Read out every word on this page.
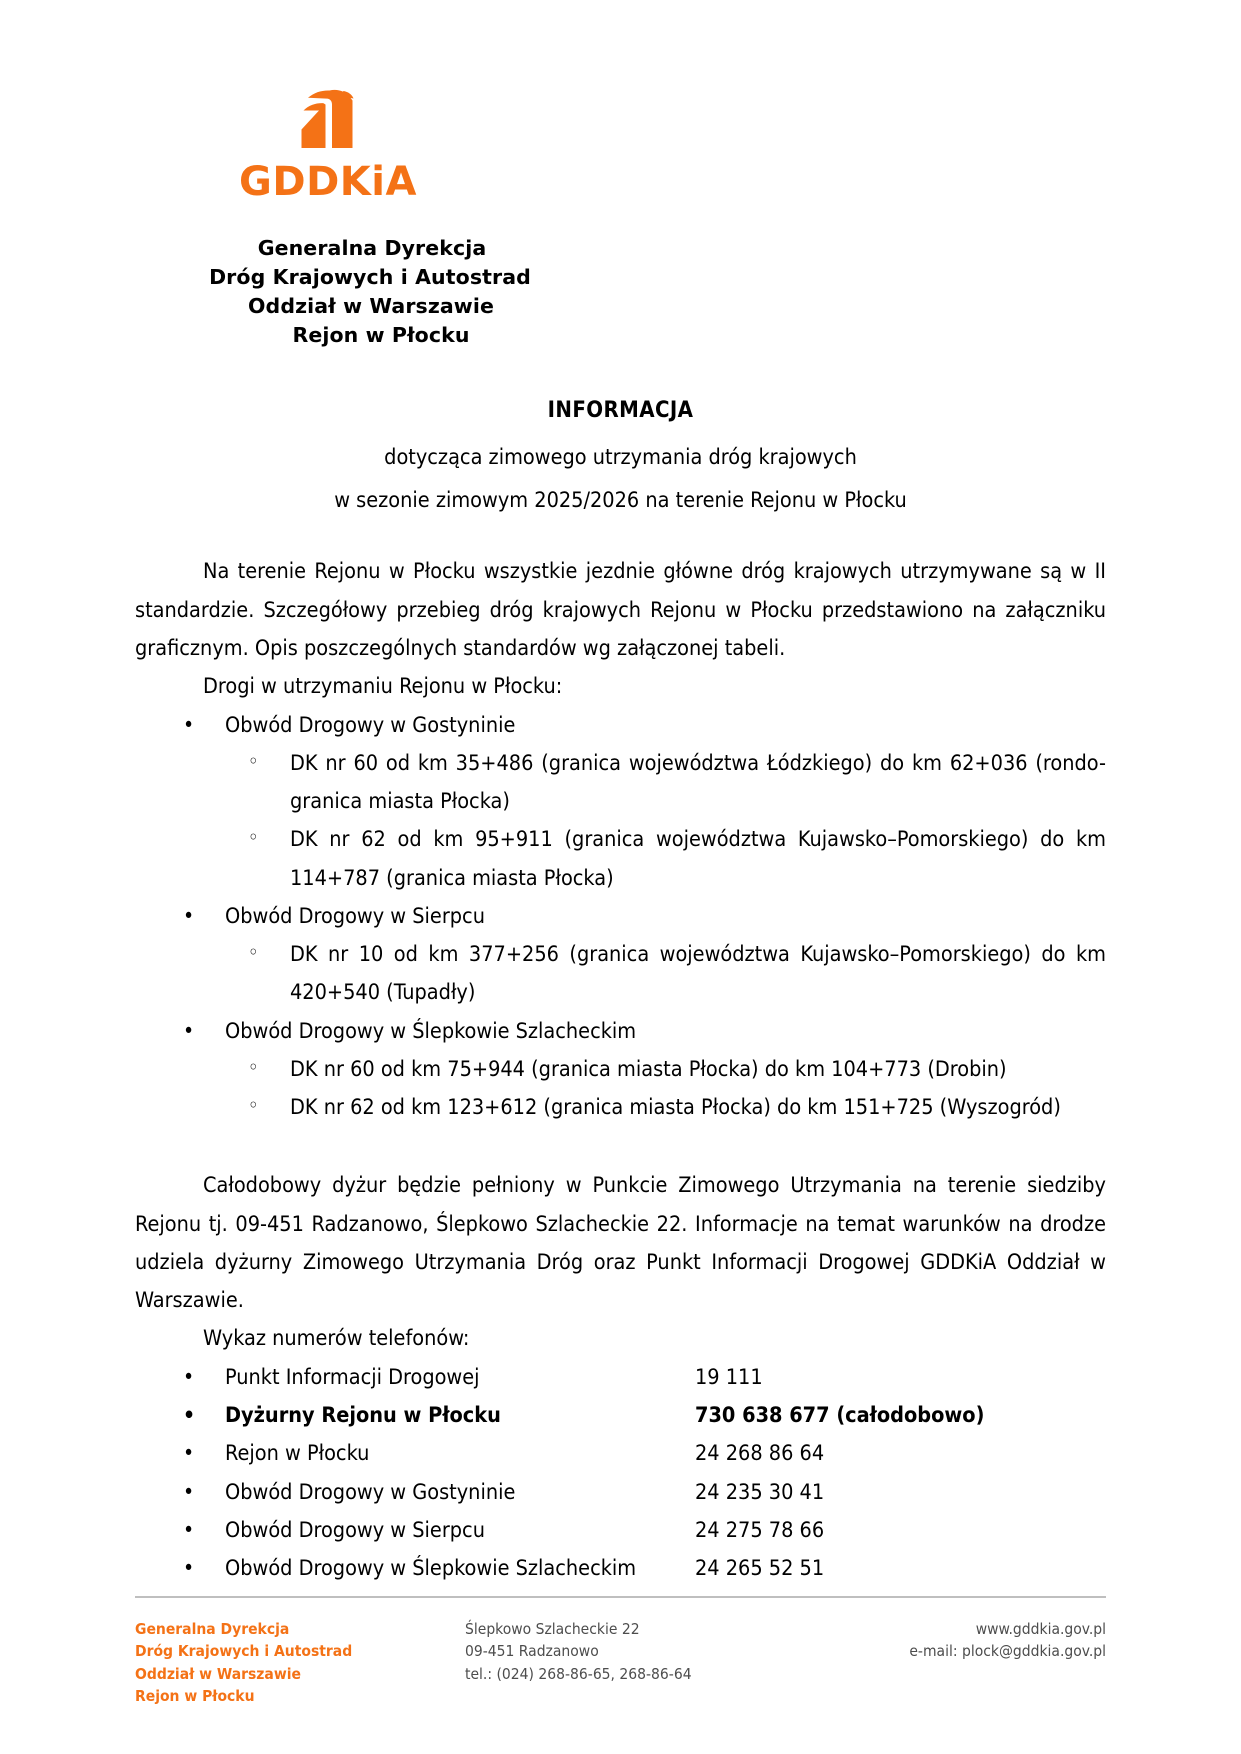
GDDKiA
Generalna Dyrekcja
Dróg Krajowych i Autostrad
Oddział w Warszawie
Rejon w Płocku
INFORMACJA
dotycząca zimowego utrzymania dróg krajowych
w sezonie zimowym 2025/2026 na terenie Rejonu w Płocku
Na terenie Rejonu w Płocku wszystkie jezdnie główne dróg krajowych utrzymywane są w II standardzie. Szczegółowy przebieg dróg krajowych Rejonu w Płocku przedstawiono na załączniku graficznym. Opis poszczególnych standardów wg załączonej tabeli.
Drogi w utrzymaniu Rejonu w Płocku:
• Obwód Drogowy w Gostyninie
◦ DK nr 60 od km 35+486 (granica województwa Łódzkiego) do km 62+036 (rondo-granica miasta Płocka)
◦ DK nr 62 od km 95+911 (granica województwa Kujawsko–Pomorskiego) do km 114+787 (granica miasta Płocka)
• Obwód Drogowy w Sierpcu
◦ DK nr 10 od km 377+256 (granica województwa Kujawsko–Pomorskiego) do km 420+540 (Tupadły)
• Obwód Drogowy w Ślepkowie Szlacheckim
◦ DK nr 60 od km 75+944 (granica miasta Płocka) do km 104+773 (Drobin)
◦ DK nr 62 od km 123+612 (granica miasta Płocka) do km 151+725 (Wyszogród)
Całodobowy dyżur będzie pełniony w Punkcie Zimowego Utrzymania na terenie siedziby Rejonu tj. 09-451 Radzanowo, Ślepkowo Szlacheckie 22. Informacje na temat warunków na drodze udziela dyżurny Zimowego Utrzymania Dróg oraz Punkt Informacji Drogowej GDDKiA Oddział w Warszawie.
Wykaz numerów telefonów:
• Punkt Informacji Drogowej	19 111
• Dyżurny Rejonu w Płocku	730 638 677 (całodobowo)
• Rejon w Płocku	24 268 86 64
• Obwód Drogowy w Gostyninie	24 235 30 41
• Obwód Drogowy w Sierpcu	24 275 78 66
• Obwód Drogowy w Ślepkowie Szlacheckim	24 265 52 51
Generalna Dyrekcja
Dróg Krajowych i Autostrad
Oddział w Warszawie
Rejon w Płocku
Ślepkowo Szlacheckie 22
09-451 Radzanowo
tel.: (024) 268-86-65, 268-86-64
www.gddkia.gov.pl
e-mail: plock@gddkia.gov.pl
